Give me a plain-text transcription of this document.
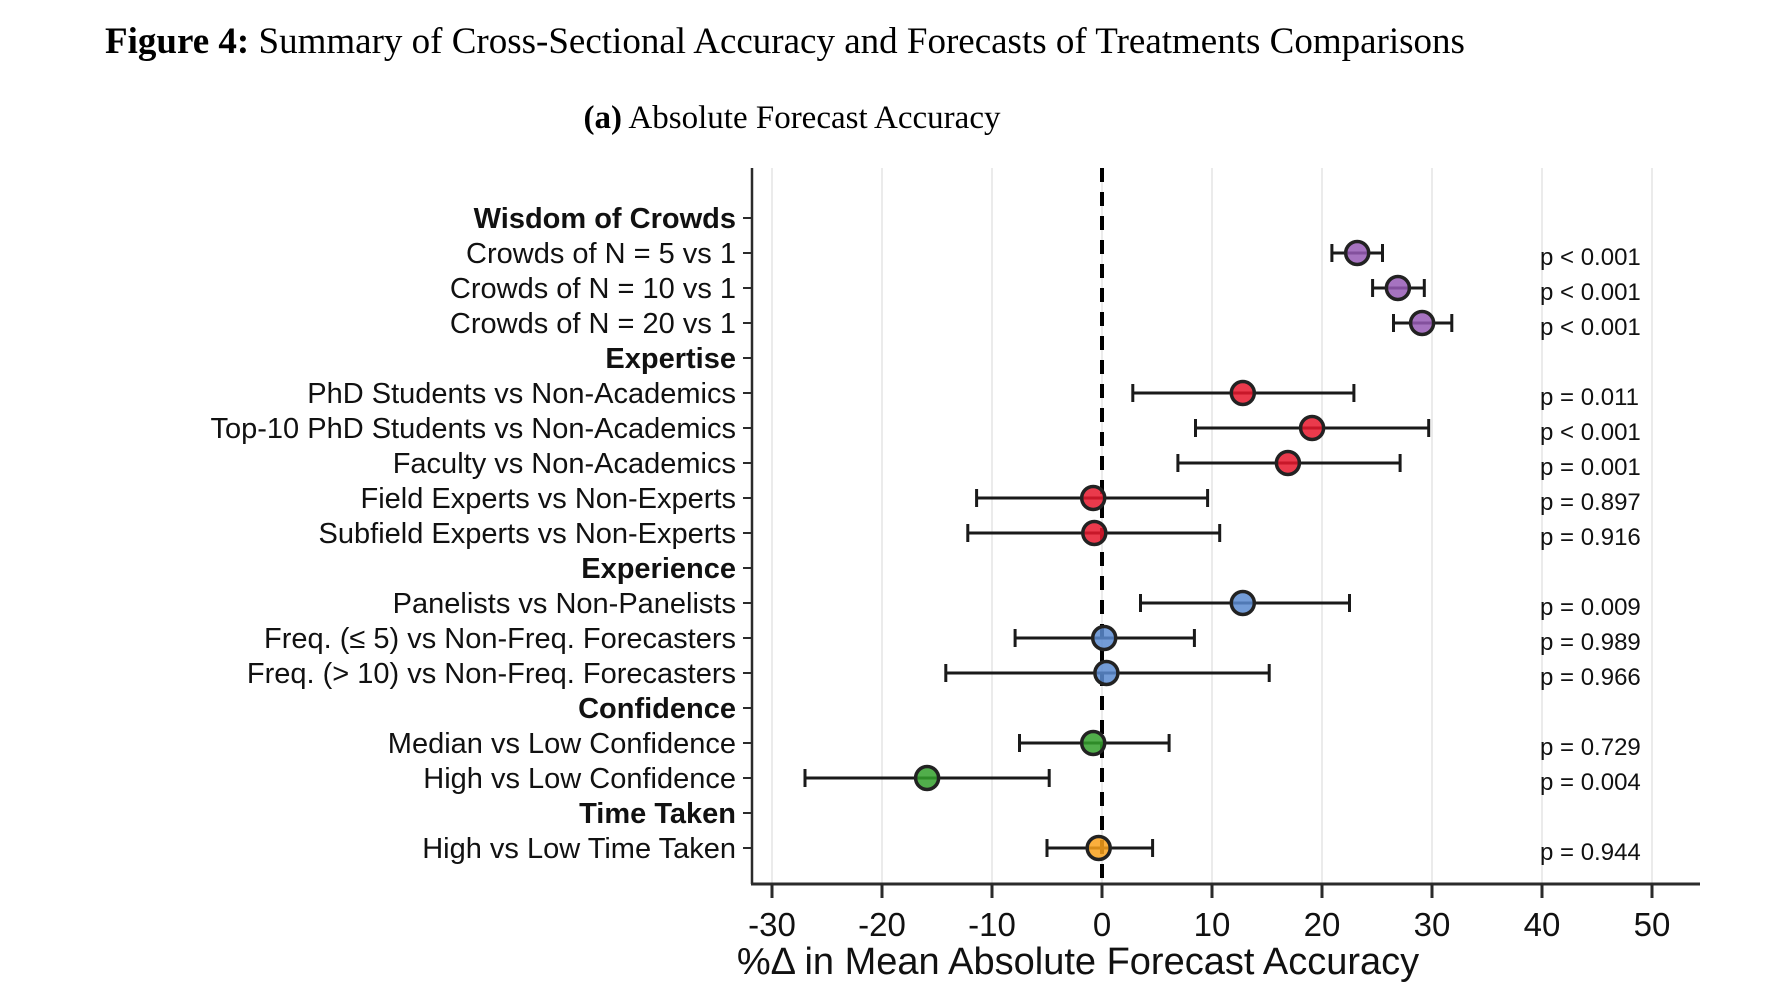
Figure 4: Summary of Cross-Sectional Accuracy and Forecasts of Treatments Comparisons
(a) Absolute Forecast Accuracy
Wisdom of Crowds
Crowds of N = 5 vs 1	p < 0.001
Crowds of N = 10 vs 1	p < 0.001
Crowds of N = 20 vs 1	p < 0.001
Expertise
PhD Students vs Non-Academics	p = 0.011
Top-10 PhD Students vs Non-Academics	p < 0.001
Faculty vs Non-Academics	p = 0.001
Field Experts vs Non-Experts	p = 0.897
Subfield Experts vs Non-Experts	p = 0.916
Experience
Panelists vs Non-Panelists	p = 0.009
Freq. (≤ 5) vs Non-Freq. Forecasters	p = 0.989
Freq. (> 10) vs Non-Freq. Forecasters	p = 0.966
Confidence
Median vs Low Confidence	p = 0.729
High vs Low Confidence	p = 0.004
Time Taken
High vs Low Time Taken	p = 0.944
-30 -20 -10 0 10 20 30 40 50
%Δ in Mean Absolute Forecast Accuracy
